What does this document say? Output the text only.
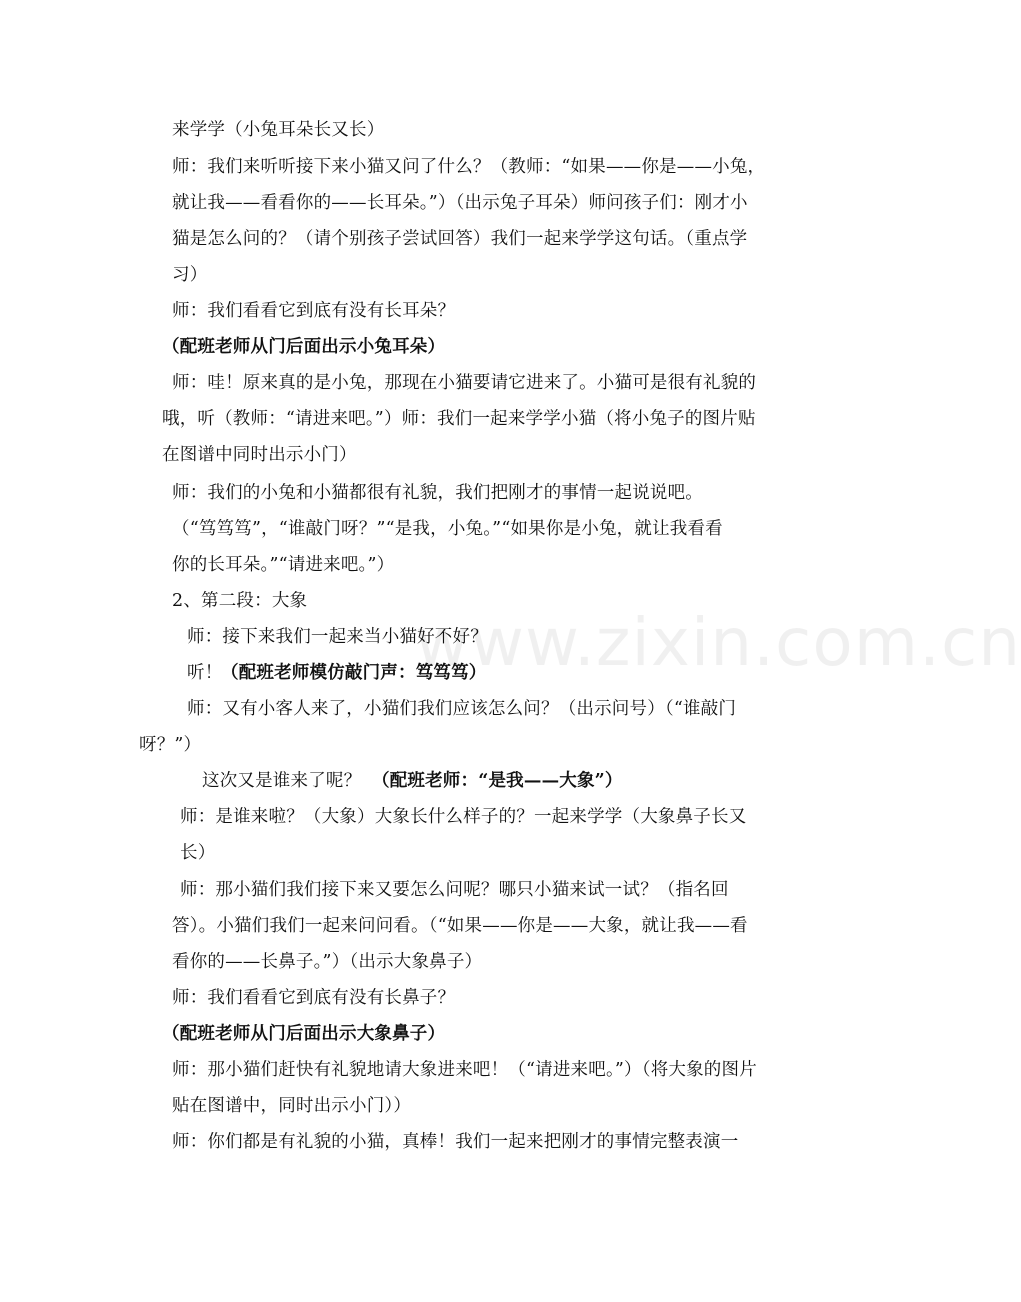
www.zixin.com.cn
来学学（小兔耳朵长又长）
师：我们来听听接下来小猫又问了什么？（教师：“如果——你是——小兔，
就让我——看看你的——长耳朵。”）（出示兔子耳朵）师问孩子们：刚才小
猫是怎么问的？（请个别孩子尝试回答）我们一起来学学这句话。（重点学
习）
师：我们看看它到底有没有长耳朵？
（配班老师从门后面出示小兔耳朵）
师：哇！原来真的是小兔，那现在小猫要请它进来了。小猫可是很有礼貌的
哦，听（教师：“请进来吧。”）师：我们一起来学学小猫（将小兔子的图片贴
在图谱中同时出示小门）
师：我们的小兔和小猫都很有礼貌，我们把刚才的事情一起说说吧。
（“笃笃笃”，“谁敲门呀？”“是我，小兔。”“如果你是小兔，就让我看看
你的长耳朵。”“请进来吧。”）
2、第二段：大象
师：接下来我们一起来当小猫好不好？
听！
（配班老师模仿敲门声：笃笃笃）
师：又有小客人来了，小猫们我们应该怎么问？（出示问号）（“谁敲门
呀？”）
这次又是谁来了呢？ （配班老师：“是我——大象”）
师：是谁来啦？（大象）大象长什么样子的？一起来学学（大象鼻子长又
长）
师：那小猫们我们接下来又要怎么问呢？哪只小猫来试一试？（指名回
答）。小猫们我们一起来问问看。（“如果——你是——大象，就让我——看
看你的——长鼻子。”）（出示大象鼻子）
师：我们看看它到底有没有长鼻子？
（配班老师从门后面出示大象鼻子）
师：那小猫们赶快有礼貌地请大象进来吧！（“请进来吧。”）（将大象的图片
贴在图谱中，同时出示小门））
师：你们都是有礼貌的小猫，真棒！我们一起来把刚才的事情完整表演一
